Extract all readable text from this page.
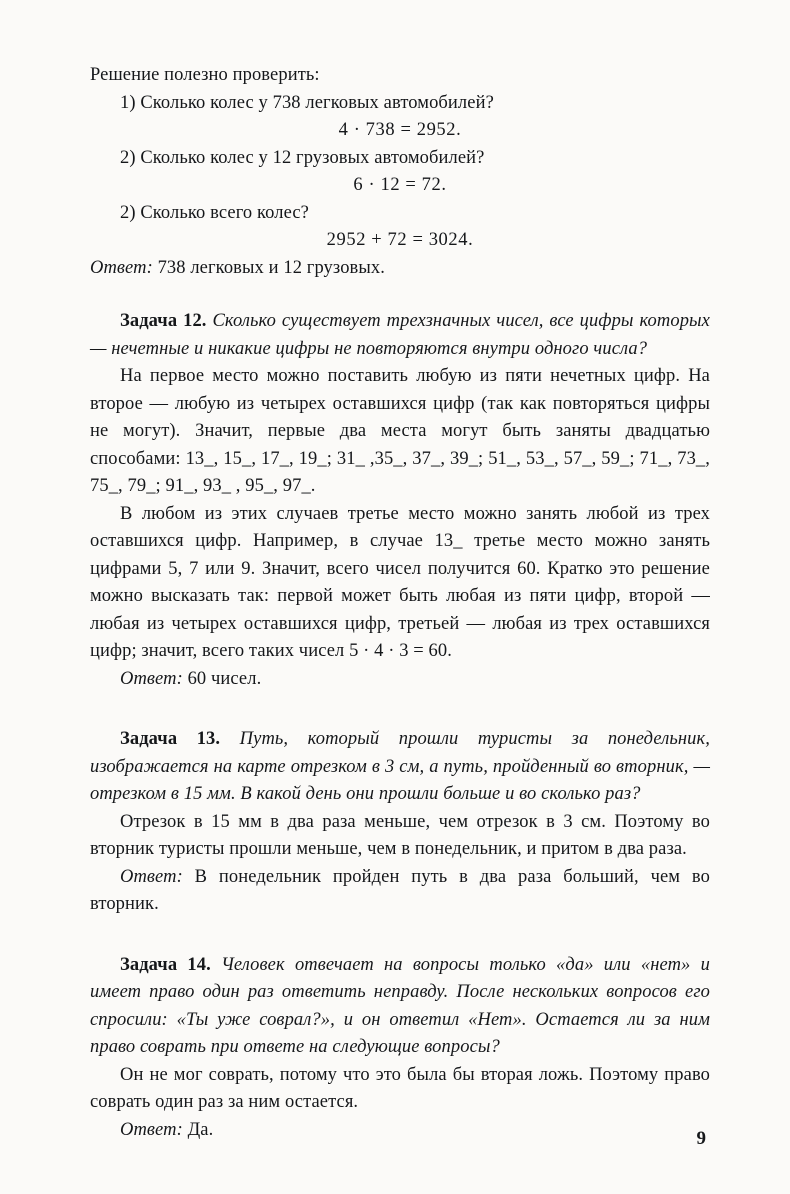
Решение полезно проверить:

1) Сколько колес у 738 легковых автомобилей?

4 · 738 = 2952.

2) Сколько колес у 12 грузовых автомобилей?

6 · 12 = 72.

2) Сколько всего колес?

2952 + 72 = 3024.

Ответ: 738 легковых и 12 грузовых.

Задача 12. Сколько существует трехзначных чисел, все цифры которых — нечетные и никакие цифры не повторяются внутри одного числа?

На первое место можно поставить любую из пяти нечетных цифр. На второе — любую из четырех оставшихся цифр (так как повторяться цифры не могут). Значит, первые два места могут быть заняты двадцатью способами: 13_, 15_, 17_, 19_; 31_ ,35_, 37_, 39_; 51_, 53_, 57_, 59_; 71_, 73_, 75_, 79_; 91_, 93_ , 95_, 97_.

В любом из этих случаев третье место можно занять любой из трех оставшихся цифр. Например, в случае 13_ третье место можно занять цифрами 5, 7 или 9. Значит, всего чисел получится 60. Кратко это решение можно высказать так: первой может быть любая из пяти цифр, второй — любая из четырех оставшихся цифр, третьей — любая из трех оставшихся цифр; значит, всего таких чисел 5 · 4 · 3 = 60.

Ответ: 60 чисел.

Задача 13. Путь, который прошли туристы за понедельник, изображается на карте отрезком в 3 см, а путь, пройденный во вторник, — отрезком в 15 мм. В какой день они прошли больше и во сколько раз?

Отрезок в 15 мм в два раза меньше, чем отрезок в 3 см. Поэтому во вторник туристы прошли меньше, чем в понедельник, и притом в два раза.

Ответ: В понедельник пройден путь в два раза больший, чем во вторник.

Задача 14. Человек отвечает на вопросы только «да» или «нет» и имеет право один раз ответить неправду. После нескольких вопросов его спросили: «Ты уже соврал?», и он ответил «Нет». Остается ли за ним право соврать при ответе на следующие вопросы?

Он не мог соврать, потому что это была бы вторая ложь. Поэтому право соврать один раз за ним остается.

Ответ: Да.	9
